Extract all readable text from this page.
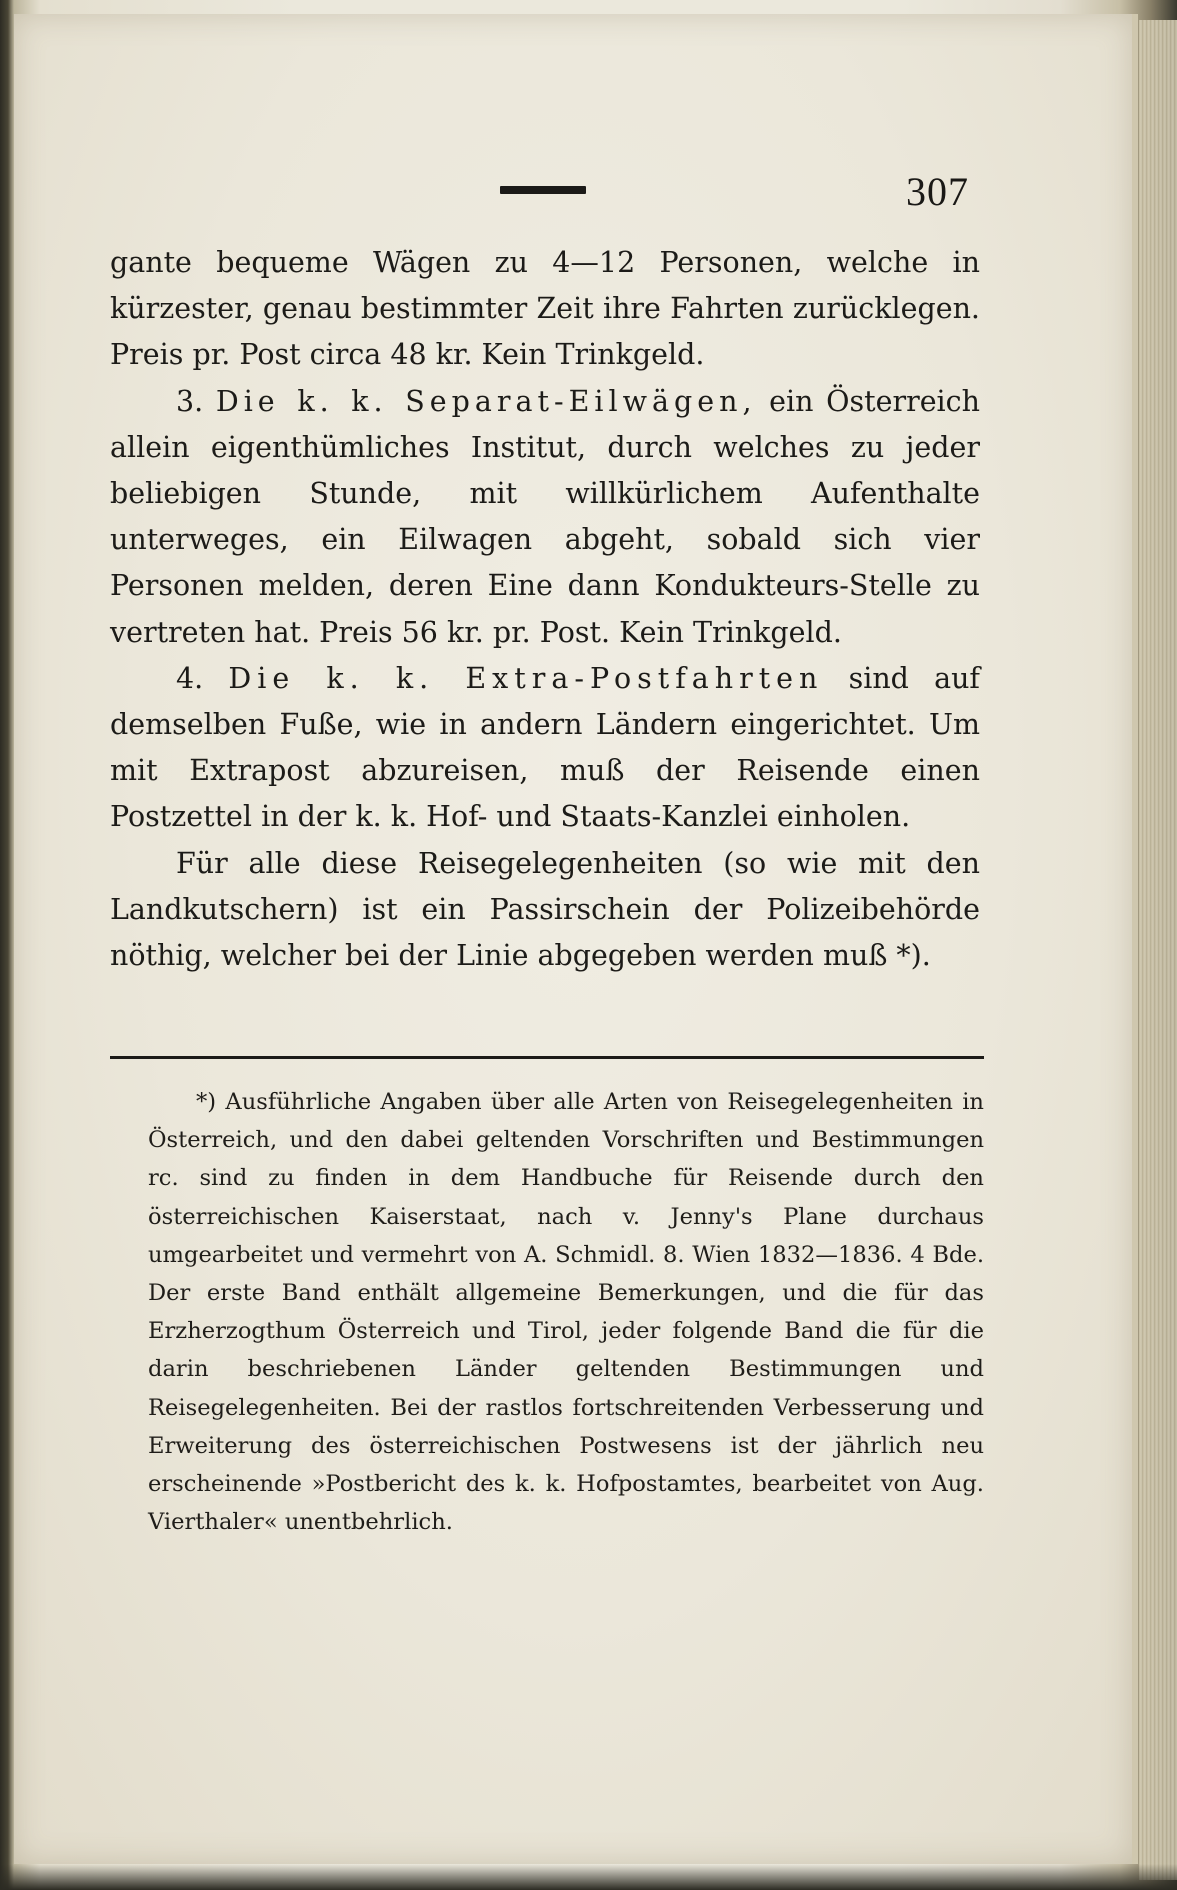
307

gante bequeme Wägen zu 4—12 Personen, welche in kürzester, genau bestimmter Zeit ihre Fahrten zurücklegen. Preis pr. Post circa 48 kr. Kein Trinkgeld.

3. Die k. k. Separat-Eilwägen, ein Österreich allein eigenthümliches Institut, durch welches zu jeder beliebigen Stunde, mit willkürlichem Aufenthalte unterweges, ein Eilwagen abgeht, sobald sich vier Personen melden, deren Eine dann Kondukteurs-Stelle zu vertreten hat. Preis 56 kr. pr. Post. Kein Trinkgeld.

4. Die k. k. Extra-Postfahrten sind auf demselben Fuße, wie in andern Ländern eingerichtet. Um mit Extrapost abzureisen, muß der Reisende einen Postzettel in der k. k. Hof- und Staats-Kanzlei einholen.

Für alle diese Reisegelegenheiten (so wie mit den Landkutschern) ist ein Passirschein der Polizeibehörde nöthig, welcher bei der Linie abgegeben werden muß *).

*) Ausführliche Angaben über alle Arten von Reisegelegenheiten in Österreich, und den dabei geltenden Vorschriften und Bestimmungen rc. sind zu finden in dem Handbuche für Reisende durch den österreichischen Kaiserstaat, nach v. Jenny's Plane durchaus umgearbeitet und vermehrt von A. Schmidl. 8. Wien 1832—1836. 4 Bde. Der erste Band enthält allgemeine Bemerkungen, und die für das Erzherzogthum Österreich und Tirol, jeder folgende Band die für die darin beschriebenen Länder geltenden Bestimmungen und Reisegelegenheiten. Bei der rastlos fortschreitenden Verbesserung und Erweiterung des österreichischen Postwesens ist der jährlich neu erscheinende »Postbericht des k. k. Hofpostamtes, bearbeitet von Aug. Vierthaler« unentbehrlich.
